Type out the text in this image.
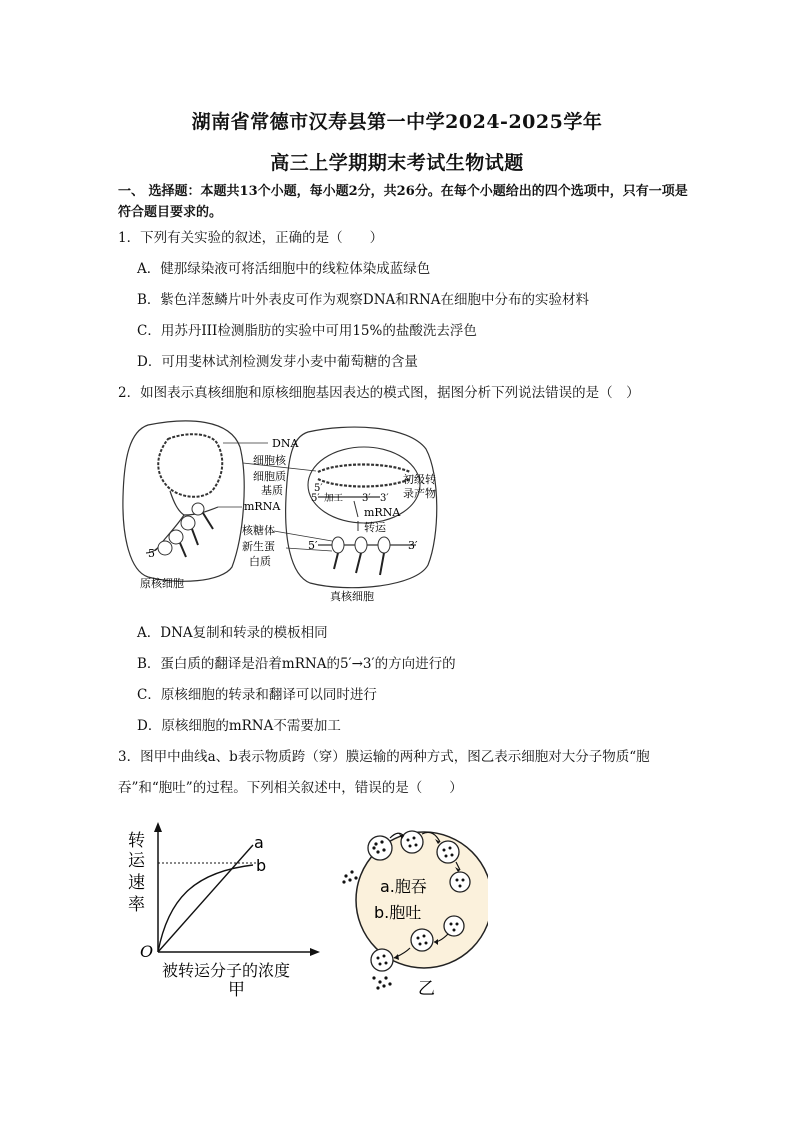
湖南省常德市汉寿县第一中学2024-2025学年
高三上学期期末考试生物试题
一、 选择题：本题共13个小题，每小题2分，共26分。在每个小题给出的四个选项中，只有一项是符合题目要求的。
1．下列有关实验的叙述，正确的是（　　）
A．健那绿染液可将活细胞中的线粒体染成蓝绿色
B．紫色洋葱鳞片叶外表皮可作为观察DNA和RNA在细胞中分布的实验材料
C．用苏丹III检测脂肪的实验中可用15%的盐酸洗去浮色
D．可用斐林试剂检测发芽小麦中葡萄糖的含量
2．如图表示真核细胞和原核细胞基因表达的模式图，据图分析下列说法错误的是（　）
DNA
细胞核
细胞质
基质
mRNA
5′
5′
5′ 加工 3′ 3′
初级转
录产物
mRNA
转运
核糖体
新生蛋
白质
5′	3′
原核细胞
真核细胞
A．DNA复制和转录的模板相同
B．蛋白质的翻译是沿着mRNA的5′→3′的方向进行的
C．原核细胞的转录和翻译可以同时进行
D．原核细胞的mRNA不需要加工
3．图甲中曲线a、b表示物质跨（穿）膜运输的两种方式，图乙表示细胞对大分子物质“胞
吞”和“胞吐”的过程。下列相关叙述中，错误的是（　　）
转
运
速
率
O
a
b
被转运分子的浓度
甲
a.胞吞
b.胞吐
乙
